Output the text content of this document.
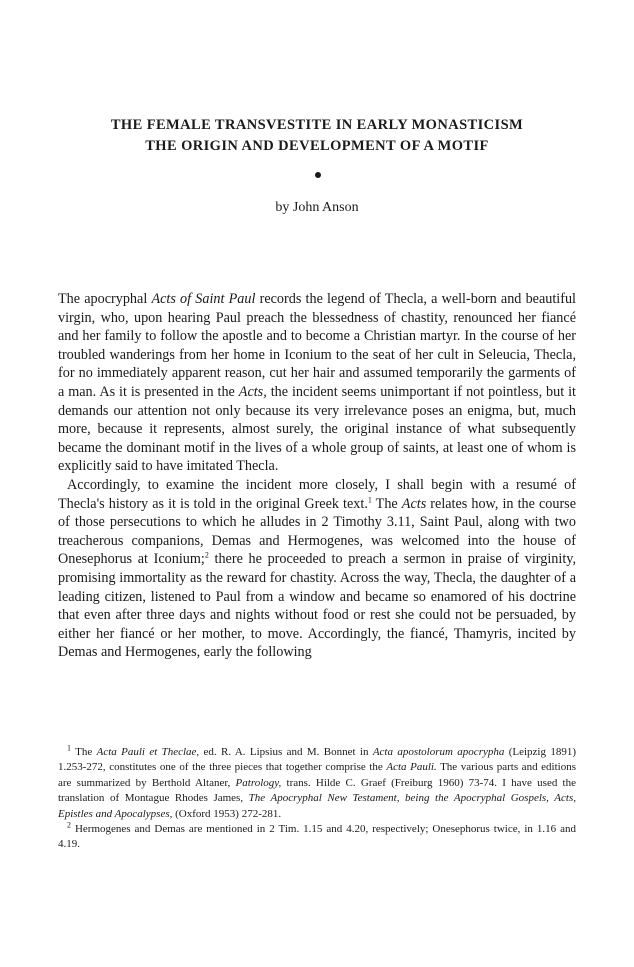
THE FEMALE TRANSVESTITE IN EARLY MONASTICISM
THE ORIGIN AND DEVELOPMENT OF A MOTIF
by John Anson

The apocryphal Acts of Saint Paul records the legend of Thecla, a well-born and beautiful virgin, who, upon hearing Paul preach the blessedness of chastity, renounced her fiancé and her family to follow the apostle and to become a Christian martyr. In the course of her troubled wanderings from her home in Iconium to the seat of her cult in Seleucia, Thecla, for no immediately apparent reason, cut her hair and assumed temporarily the garments of a man. As it is presented in the Acts, the incident seems unimportant if not pointless, but it demands our attention not only because its very irrelevance poses an enigma, but, much more, because it represents, almost surely, the original instance of what subsequently became the dominant motif in the lives of a whole group of saints, at least one of whom is explicitly said to have imitated Thecla.

Accordingly, to examine the incident more closely, I shall begin with a resumé of Thecla's history as it is told in the original Greek text.$^1$ The Acts relates how, in the course of those persecutions to which he alludes in 2 Timothy 3.11, Saint Paul, along with two treacherous companions, Demas and Hermogenes, was welcomed into the house of Onesephorus at Iconium;$^2$ there he proceeded to preach a sermon in praise of virginity, promising immortality as the reward for chastity. Across the way, Thecla, the daughter of a leading citizen, listened to Paul from a window and became so enamored of his doctrine that even after three days and nights without food or rest she could not be persuaded, by either her fiancé or her mother, to move. Accordingly, the fiancé, Thamyris, incited by Demas and Hermogenes, early the following

$^1$ The Acta Pauli et Theclae, ed. R. A. Lipsius and M. Bonnet in Acta apostolorum apocrypha (Leipzig 1891) 1.253-272, constitutes one of the three pieces that together comprise the Acta Pauli. The various parts and editions are summarized by Berthold Altaner, Patrology, trans. Hilde C. Graef (Freiburg 1960) 73-74. I have used the translation of Montague Rhodes James, The Apocryphal New Testament, being the Apocryphal Gospels, Acts, Epistles and Apocalypses, (Oxford 1953) 272-281.

$^2$ Hermogenes and Demas are mentioned in 2 Tim. 1.15 and 4.20, respectively; Onesephorus twice, in 1.16 and 4.19.
